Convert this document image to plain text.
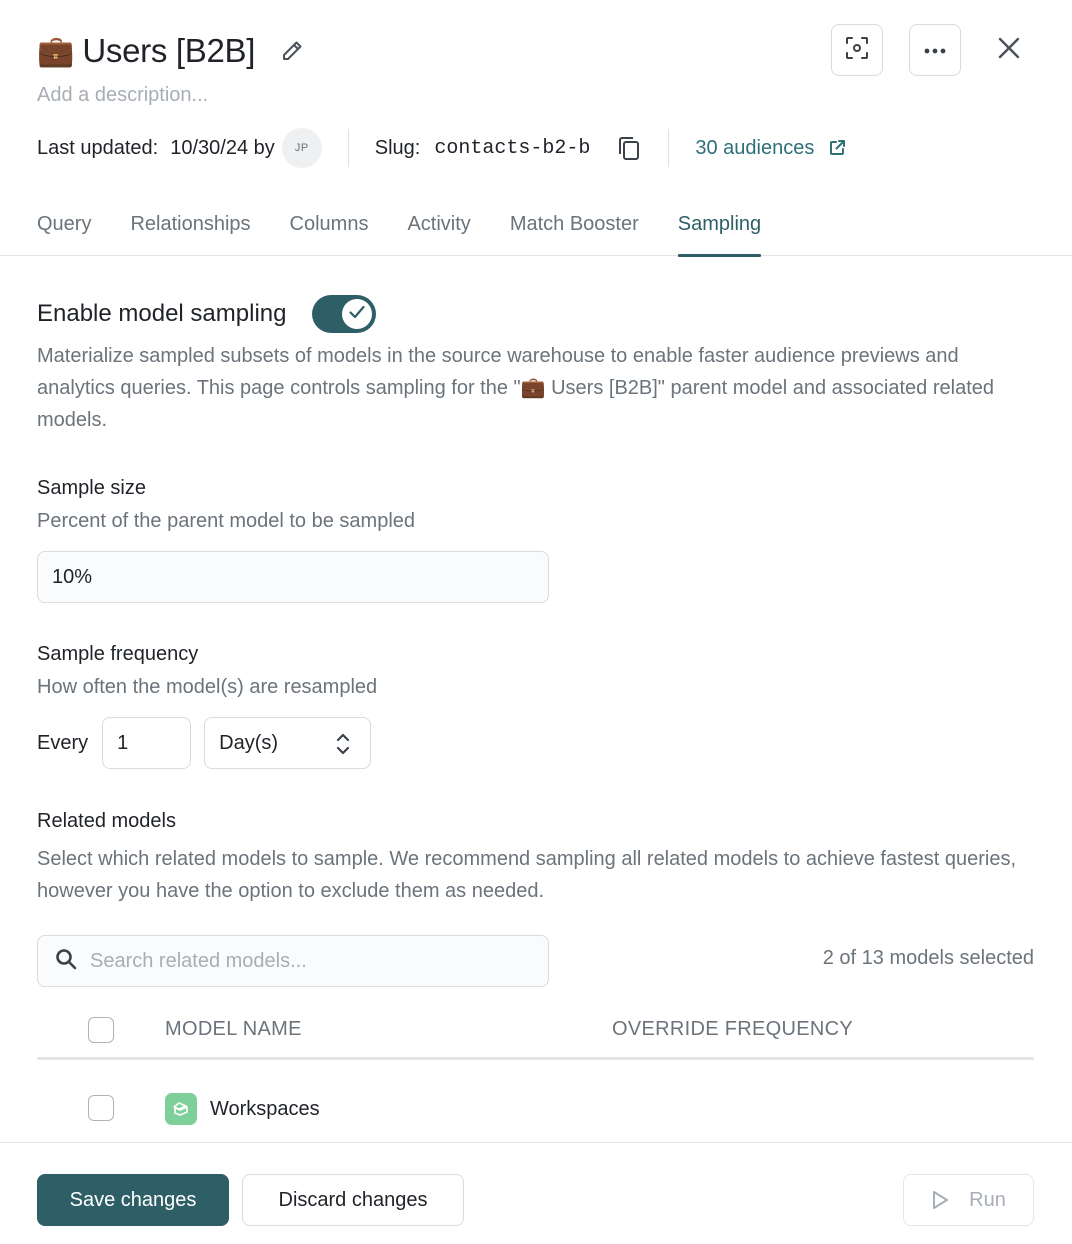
💼 Users [B2B]
Add a description...
Last updated: 10/30/24 by	JP	Slug: contacts-b2-b	30 audiences
Query Relationships Columns Activity Match Booster Sampling
Enable model sampling
Materialize sampled subsets of models in the source warehouse to enable faster audience previews and analytics queries. This page controls sampling for the "💼 Users [B2B]" parent model and associated related models.
Sample size
Percent of the parent model to be sampled
10%
Sample frequency
How often the model(s) are resampled
Every	1	Day(s)
Related models
Select which related models to sample. We recommend sampling all related models to achieve fastest queries, however you have the option to exclude them as needed.
Search related models...
2 of 13 models selected
MODEL NAME	OVERRIDE FREQUENCY
Workspaces
Save changes	Discard changes	Run
